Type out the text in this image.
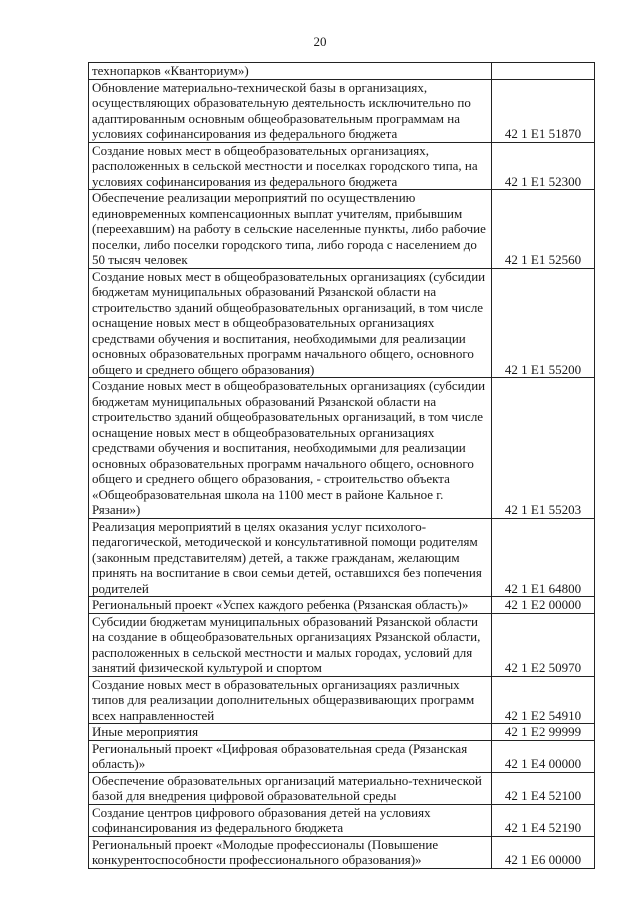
20
технопарков «Кванториум»)	
Обновление материально-технической базы в организациях, осуществляющих образовательную деятельность исключительно по адаптированным основным общеобразовательным программам на условиях софинансирования из федерального бюджета	42 1 E1 51870
Создание новых мест в общеобразовательных организациях, расположенных в сельской местности и поселках городского типа, на условиях софинансирования из федерального бюджета	42 1 E1 52300
Обеспечение реализации мероприятий по осуществлению единовременных компенсационных выплат учителям, прибывшим (переехавшим) на работу в сельские населенные пункты, либо рабочие поселки, либо поселки городского типа, либо города с населением до 50 тысяч человек	42 1 E1 52560
Создание новых мест в общеобразовательных организациях (субсидии бюджетам муниципальных образований Рязанской области на строительство зданий общеобразовательных организаций, в том числе оснащение новых мест в общеобразовательных организациях средствами обучения и воспитания, необходимыми для реализации основных образовательных программ начального общего, основного общего и среднего общего образования)	42 1 E1 55200
Создание новых мест в общеобразовательных организациях (субсидии бюджетам муниципальных образований Рязанской области на строительство зданий общеобразовательных организаций, в том числе оснащение новых мест в общеобразовательных организациях средствами обучения и воспитания, необходимыми для реализации основных образовательных программ начального общего, основного общего и среднего общего образования, - строительство объекта «Общеобразовательная школа на 1100 мест в районе Кальное г. Рязани»)	42 1 E1 55203
Реализация мероприятий в целях оказания услуг психолого-педагогической, методической и консультативной помощи родителям (законным представителям) детей, а также гражданам, желающим принять на воспитание в свои семьи детей, оставшихся без попечения родителей	42 1 E1 64800
Региональный проект «Успех каждого ребенка (Рязанская область)»	42 1 E2 00000
Субсидии бюджетам муниципальных образований Рязанской области на создание в общеобразовательных организациях Рязанской области, расположенных в сельской местности и малых городах, условий для занятий физической культурой и спортом	42 1 E2 50970
Создание новых мест в образовательных организациях различных типов для реализации дополнительных общеразвивающих программ всех направленностей	42 1 E2 54910
Иные мероприятия	42 1 E2 99999
Региональный проект «Цифровая образовательная среда (Рязанская область)»	42 1 E4 00000
Обеспечение образовательных организаций материально-технической базой для внедрения цифровой образовательной среды	42 1 E4 52100
Создание центров цифрового образования детей на условиях софинансирования из федерального бюджета	42 1 E4 52190
Региональный проект «Молодые профессионалы (Повышение конкурентоспособности профессионального образования)»	42 1 E6 00000
